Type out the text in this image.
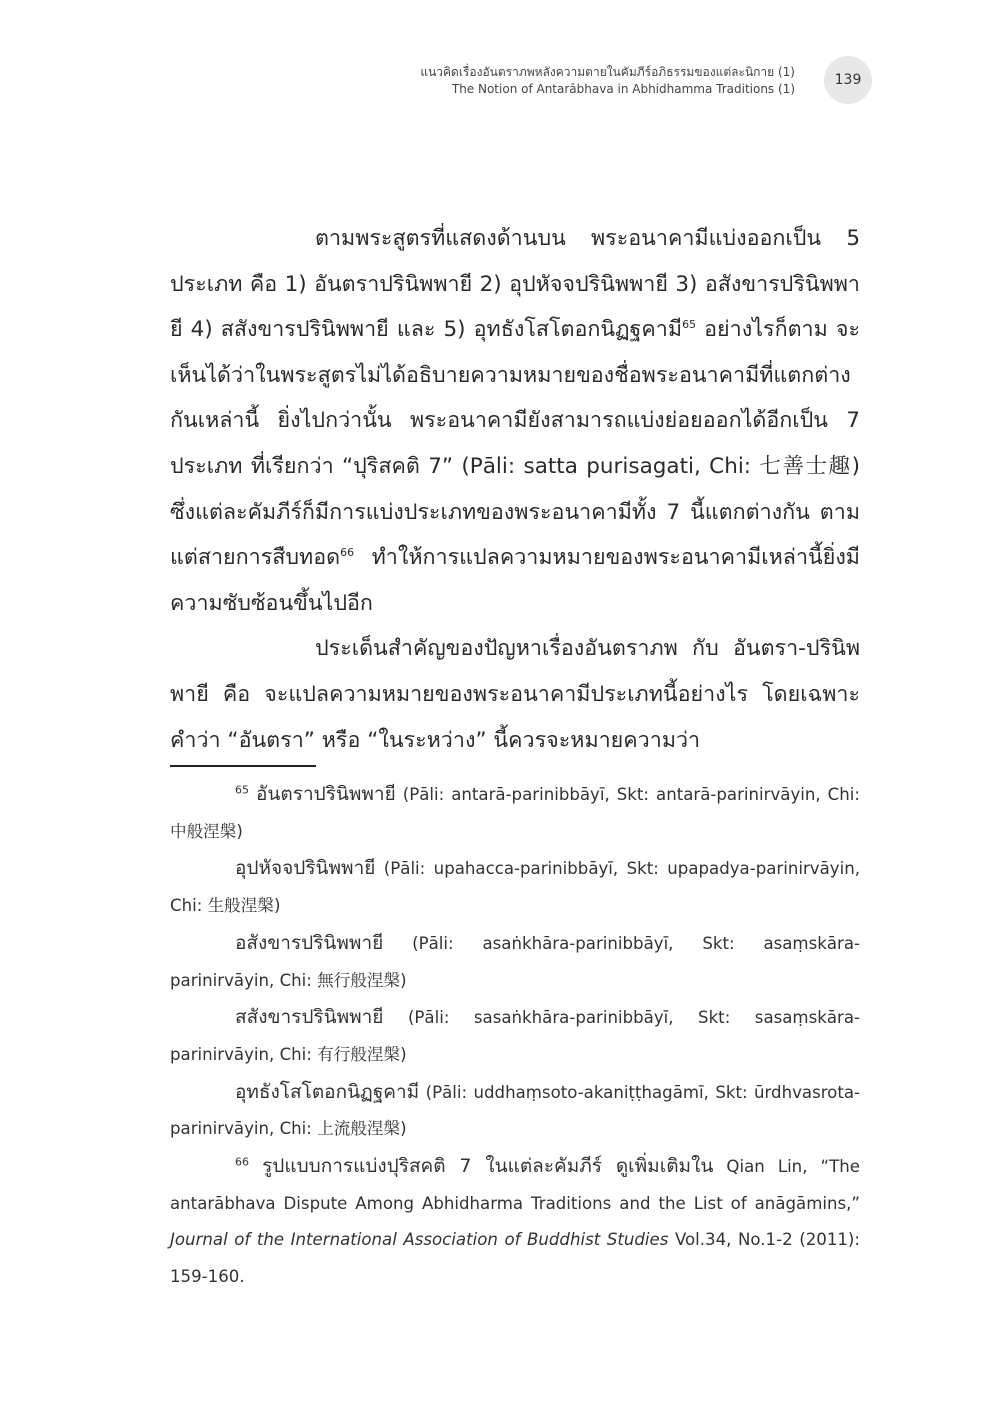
แนวคิดเรื่องอันตราภพหลังความตายในคัมภีร์อภิธรรมของแต่ละนิกาย (1)
The Notion of Antarābhava in Abhidhamma Traditions (1)
139

ตามพระสูตรที่แสดงด้านบน พระอนาคามีแบ่งออกเป็น 5 ประเภท คือ 1) อันตราปรินิพพายี 2) อุปหัจจปรินิพพายี 3) อสังขารปรินิพพายี 4) สสังขารปรินิพพายี และ 5) อุทธังโสโตอกนิฏฐคามี$^{65}$ อย่างไรก็ตาม จะเห็นได้ว่าในพระสูตรไม่ได้อธิบายความหมายของชื่อพระอนาคามีที่แตกต่างกันเหล่านี้ ยิ่งไปกว่านั้น พระอนาคามียังสามารถแบ่งย่อยออกได้อีกเป็น 7 ประเภท ที่เรียกว่า “ปุริสคติ 7” (Pāli: satta purisagati, Chi: 七善士趣) ซึ่งแต่ละคัมภีร์ก็มีการแบ่งประเภทของพระอนาคามีทั้ง 7 นี้แตกต่างกัน ตามแต่สายการสืบทอด$^{66}$ ทำให้การแปลความหมายของพระอนาคามีเหล่านี้ยิ่งมีความซับซ้อนขึ้นไปอีก

ประเด็นสำคัญของปัญหาเรื่องอันตราภพ กับ อันตรา-ปรินิพพายี คือ จะแปลความหมายของพระอนาคามีประเภทนี้อย่างไร โดยเฉพาะคำว่า “อันตรา” หรือ “ในระหว่าง” นี้ควรจะหมายความว่า

$^{65}$ อันตราปรินิพพายี (Pāli: antarā-parinibbāyī, Skt: antarā-parinirvāyin, Chi: 中般涅槃)

อุปหัจจปรินิพพายี (Pāli: upahacca-parinibbāyī, Skt: upapadya-parinirvāyin, Chi: 生般涅槃)

อสังขารปรินิพพายี (Pāli: asaṅkhāra-parinibbāyī, Skt: asaṃskāra-parinirvāyin, Chi: 無行般涅槃)

สสังขารปรินิพพายี (Pāli: sasaṅkhāra-parinibbāyī, Skt: sasaṃskāra-parinirvāyin, Chi: 有行般涅槃)

อุทธังโสโตอกนิฏฐคามี (Pāli: uddhaṃsoto-akaniṭṭhagāmī, Skt: ūrdhvasrota-parinirvāyin, Chi: 上流般涅槃)

$^{66}$ รูปแบบการแบ่งปุริสคติ 7 ในแต่ละคัมภีร์ ดูเพิ่มเติมใน Qian Lin, “The antarābhava Dispute Among Abhidharma Traditions and the List of anāgāmins,” Journal of the International Association of Buddhist Studies Vol.34, No.1-2 (2011): 159-160.
